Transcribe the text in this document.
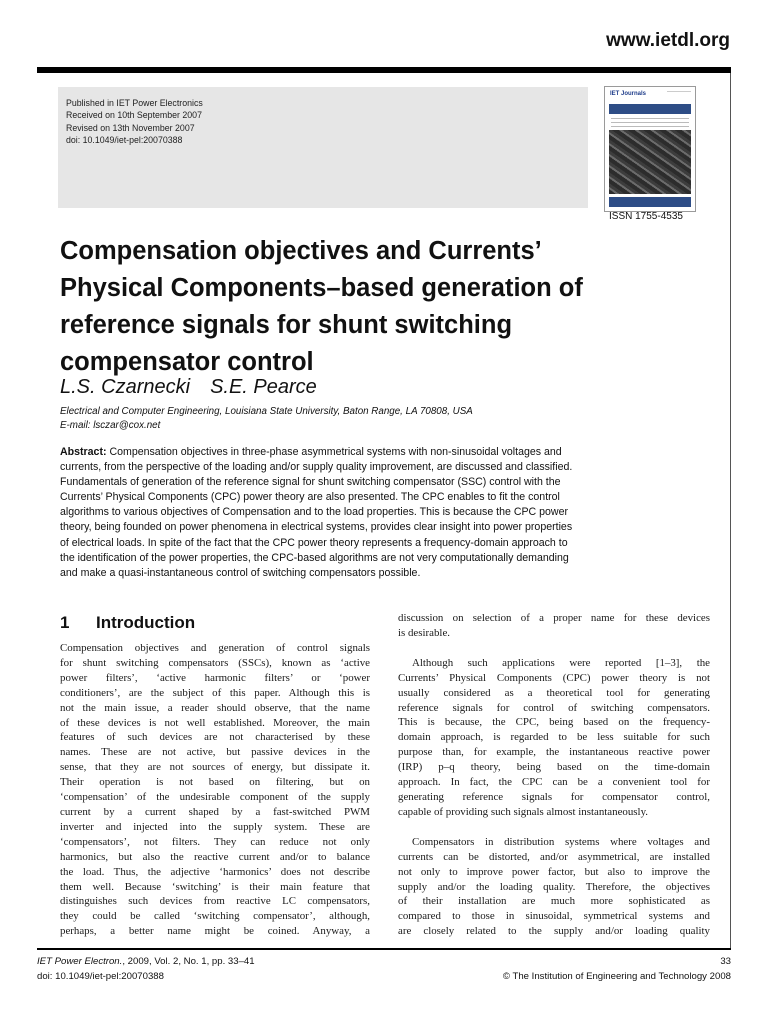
www.ietdl.org
Published in IET Power Electronics
Received on 10th September 2007
Revised on 13th November 2007
doi: 10.1049/iet-pel:20070388
IET Journals
ISSN 1755-4535
Compensation objectives and Currents’
Physical Components–based generation of
reference signals for shunt switching
compensator control
L.S. Czarnecki S.E. Pearce
Electrical and Computer Engineering, Louisiana State University, Baton Range, LA 70808, USA
E-mail: lsczar@cox.net
Abstract: Compensation objectives in three-phase asymmetrical systems with non-sinusoidal voltages and
currents, from the perspective of the loading and/or supply quality improvement, are discussed and classified.
Fundamentals of generation of the reference signal for shunt switching compensator (SSC) control with the
Currents’ Physical Components (CPC) power theory are also presented. The CPC enables to fit the control
algorithms to various objectives of Compensation and to the load properties. This is because the CPC power
theory, being founded on power phenomena in electrical systems, provides clear insight into power properties
of electrical loads. In spite of the fact that the CPC power theory represents a frequency-domain approach to
the identification of the power properties, the CPC-based algorithms are not very computationally demanding
and make a quasi-instantaneous control of switching compensators possible.
1 Introduction
Compensation objectives and generation of control signals
for shunt switching compensators (SSCs), known as ‘active
power filters’, ‘active harmonic filters’ or ‘power
conditioners’, are the subject of this paper. Although this is
not the main issue, a reader should observe, that the name
of these devices is not well established. Moreover, the main
features of such devices are not characterised by these
names. These are not active, but passive devices in the
sense, that they are not sources of energy, but dissipate it.
Their operation is not based on filtering, but on
‘compensation’ of the undesirable component of the supply
current by a current shaped by a fast-switched PWM
inverter and injected into the supply system. These are
‘compensators’, not filters. They can reduce not only
harmonics, but also the reactive current and/or to balance
the load. Thus, the adjective ‘harmonics’ does not describe
them well. Because ‘switching’ is their main feature that
distinguishes such devices from reactive LC compensators,
they could be called ‘switching compensator’, although,
perhaps, a better name might be coined. Anyway, a
discussion on selection of a proper name for these devices
is desirable.
Although such applications were reported [1–3], the
Currents’ Physical Components (CPC) power theory is not
usually considered as a theoretical tool for generating
reference signals for control of switching compensators.
This is because, the CPC, being based on the frequency-
domain approach, is regarded to be less suitable for such
purpose than, for example, the instantaneous reactive power
(IRP) p–q theory, being based on the time-domain
approach. In fact, the CPC can be a convenient tool for
generating reference signals for compensator control,
capable of providing such signals almost instantaneously.
Compensators in distribution systems where voltages and
currents can be distorted, and/or asymmetrical, are installed
not only to improve power factor, but also to improve the
supply and/or the loading quality. Therefore, the objectives
of their installation are much more sophisticated as
compared to those in sinusoidal, symmetrical systems and
are closely related to the supply and/or loading quality
IET Power Electron., 2009, Vol. 2, No. 1, pp. 33–41	33
doi: 10.1049/iet-pel:20070388	© The Institution of Engineering and Technology 2008
